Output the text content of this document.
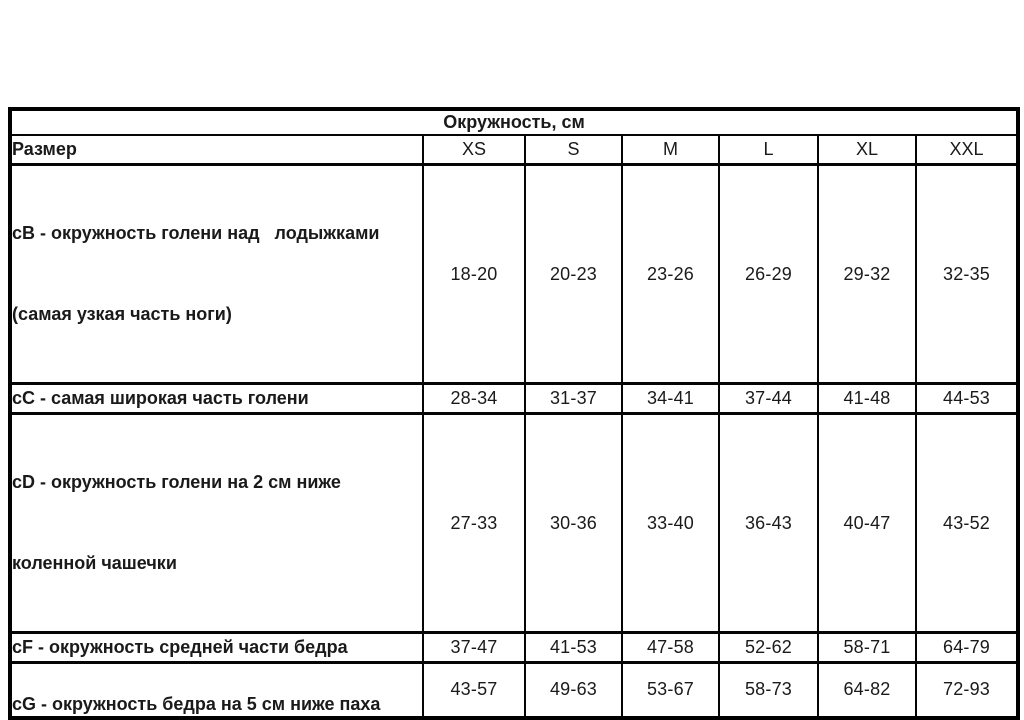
Окружность, см						
Размер	XS	S	M	L	XL	XXL

cB - окружность голени над   лодыжками

(самая узкая часть ноги)	18-20	20-23	23-26	26-29	29-32	32-35
cC - самая широкая часть голени	28-34	31-37	34-41	37-44	41-48	44-53

cD - окружность голени на 2 см ниже

коленной чашечки	27-33	30-36	33-40	36-43	40-47	43-52
cF - окружность средней части бедра	37-47	41-53	47-58	52-62	58-71	64-79
cG - окружность бедра на 5 см ниже паха	43-57	49-63	53-67	58-73	64-82	72-93
